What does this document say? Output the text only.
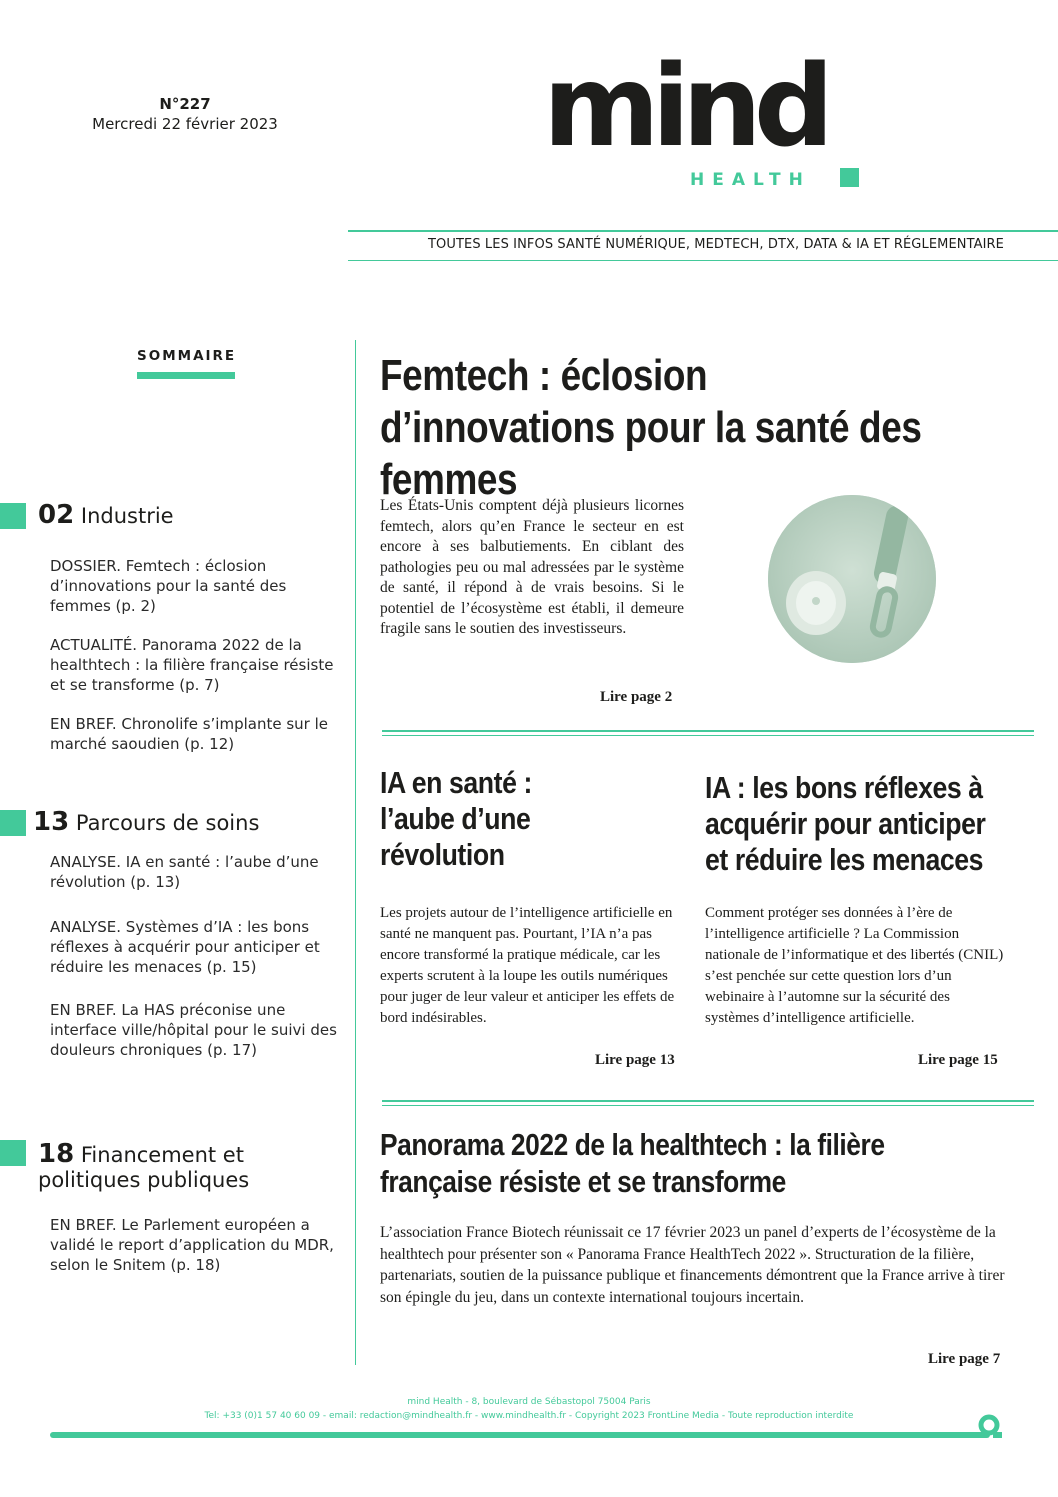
N°227
Mercredi 22 février 2023	mind
HEALTH
TOUTES LES INFOS SANTÉ NUMÉRIQUE, MEDTECH, DTX, DATA & IA ET RÉGLEMENTAIRE
SOMMAIRE
02 Industrie
DOSSIER. Femtech : éclosion d’innovations pour la santé des femmes (p. 2)
ACTUALITÉ. Panorama 2022 de la healthtech : la filière française résiste et se transforme (p. 7)
EN BREF. Chronolife s’implante sur le marché saoudien (p. 12)
13 Parcours de soins
ANALYSE. IA en santé : l’aube d’une révolution (p. 13)
ANALYSE. Systèmes d’IA : les bons réflexes à acquérir pour anticiper et réduire les menaces (p. 15)
EN BREF. La HAS préconise une interface ville/hôpital pour le suivi des douleurs chroniques (p. 17)
18 Financement et politiques publiques
EN BREF. Le Parlement européen a validé le report d’application du MDR, selon le Snitem (p. 18)
Femtech : éclosion d’innovations pour la santé des femmes
Les États-Unis comptent déjà plusieurs licornes femtech, alors qu’en France le secteur en est encore à ses balbutiements. En ciblant des pathologies peu ou mal adressées par le système de santé, il répond à de vrais besoins. Si le potentiel de l’écosystème est établi, il demeure fragile sans le soutien des investisseurs.
Lire page 2
IA en santé : l’aube d’une révolution
Les projets autour de l’intelligence artificielle en santé ne manquent pas. Pourtant, l’IA n’a pas encore transformé la pratique médicale, car les experts scrutent à la loupe les outils numériques pour juger de leur valeur et anticiper les effets de bord indésirables.
Lire page 13
IA : les bons réflexes à acquérir pour anticiper et réduire les menaces
Comment protéger ses données à l’ère de l’intelligence artificielle ? La Commission nationale de l’informatique et des libertés (CNIL) s’est penchée sur cette question lors d’un webinaire à l’automne sur la sécurité des systèmes d’intelligence artificielle.
Lire page 15
Panorama 2022 de la healthtech : la filière française résiste et se transforme
L’association France Biotech réunissait ce 17 février 2023 un panel d’experts de l’écosystème de la healthtech pour présenter son « Panorama France HealthTech 2022 ». Structuration de la filière, partenariats, soutien de la puissance publique et financements démontrent que la France arrive à tirer son épingle du jeu, dans un contexte international toujours incertain.
Lire page 7
mind Health - 8, boulevard de Sébastopol 75004 Paris
Tel: +33 (0)1 57 40 60 09 - email: redaction@mindhealth.fr - www.mindhealth.fr - Copyright 2023 FrontLine Media - Toute reproduction interdite
